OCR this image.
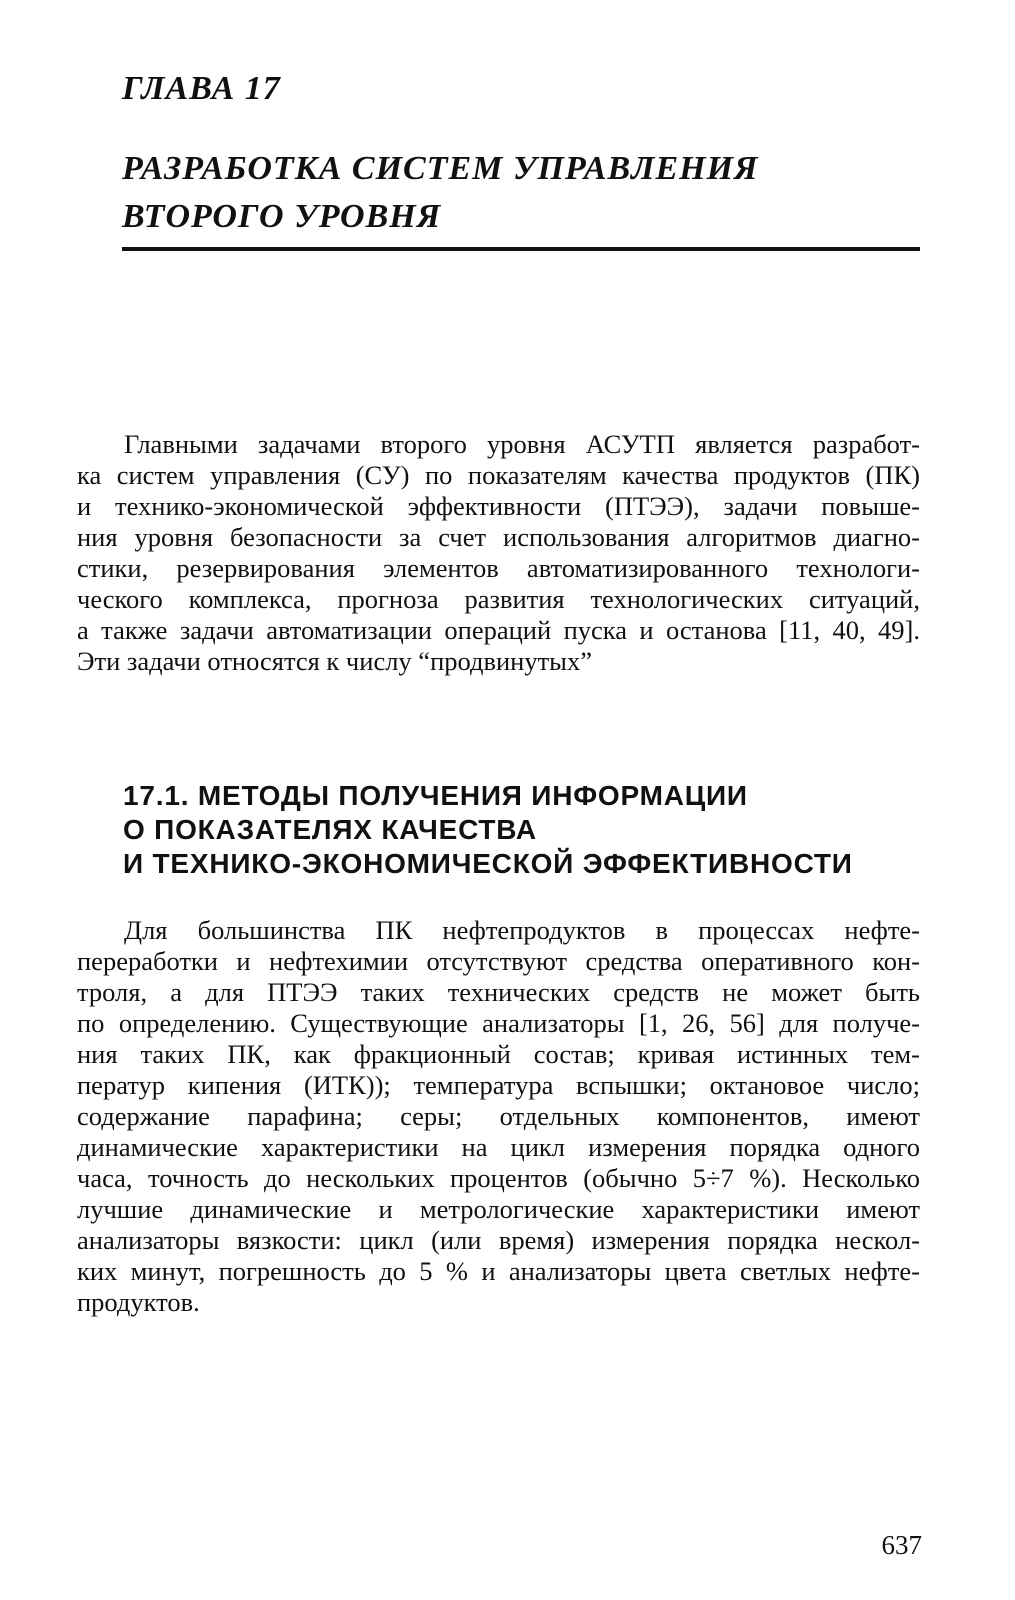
ГЛАВА 17
РАЗРАБОТКА СИСТЕМ УПРАВЛЕНИЯ
ВТОРОГО УРОВНЯ

Главными задачами второго уровня АСУТП является разработ-
ка систем управления (СУ) по показателям качества продуктов (ПК)
и технико-экономической эффективности (ПТЭЭ), задачи повыше-
ния уровня безопасности за счет использования алгоритмов диагно-
стики, резервирования элементов автоматизированного технологи-
ческого комплекса, прогноза развития технологических ситуаций,
а также задачи автоматизации операций пуска и останова [11, 40, 49].
Эти задачи относятся к числу “продвинутых”

17.1. МЕТОДЫ ПОЛУЧЕНИЯ ИНФОРМАЦИИ
О ПОКАЗАТЕЛЯХ КАЧЕСТВА
И ТЕХНИКО-ЭКОНОМИЧЕСКОЙ ЭФФЕКТИВНОСТИ

Для большинства ПК нефтепродуктов в процессах нефте-
переработки и нефтехимии отсутствуют средства оперативного кон-
троля, а для ПТЭЭ таких технических средств не может быть
по определению. Существующие анализаторы [1, 26, 56] для получе-
ния таких ПК, как фракционный состав; кривая истинных тем-
ператур кипения (ИТК)); температура вспышки; октановое число;
содержание парафина; серы; отдельных компонентов, имеют
динамические характеристики на цикл измерения порядка одного
часа, точность до нескольких процентов (обычно 5÷7 %). Несколько
лучшие динамические и метрологические характеристики имеют
анализаторы вязкости: цикл (или время) измерения порядка нескол-
ких минут, погрешность до 5 % и анализаторы цвета светлых нефте-
продуктов.

637
